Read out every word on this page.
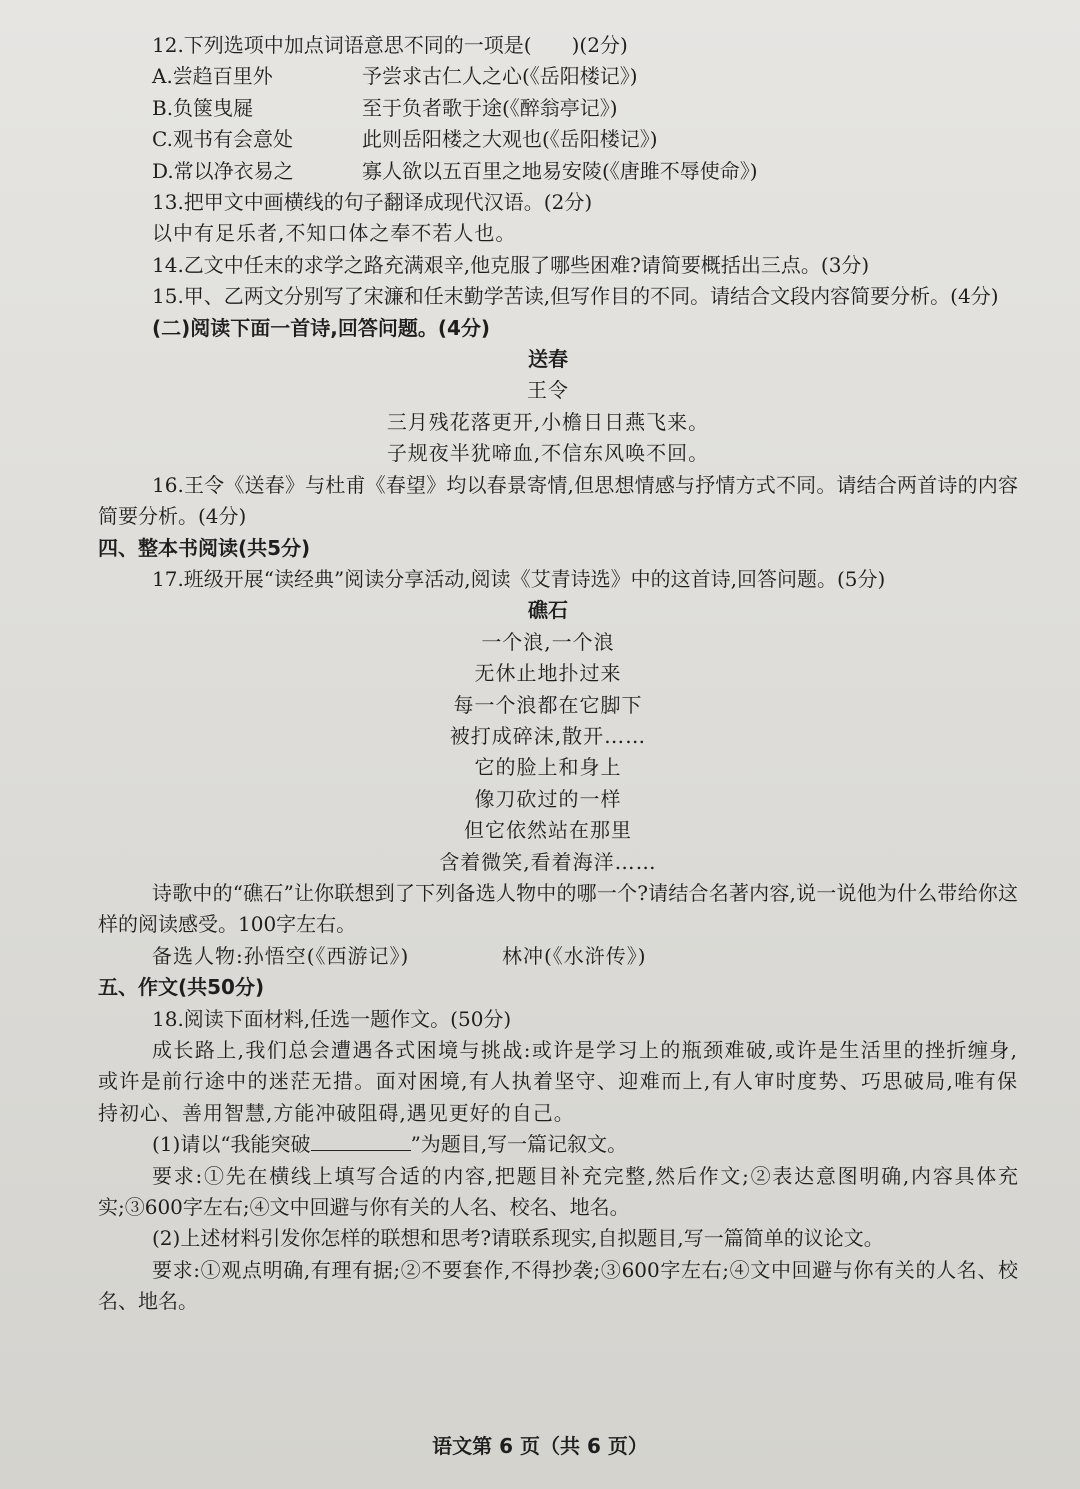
12.下列选项中加点词语意思不同的一项是(　　)(2分)

A.尝趋百里外	予尝求古仁人之心(《岳阳楼记》)
B.负箧曳屣	至于负者歌于途(《醉翁亭记》)
C.观书有会意处	此则岳阳楼之大观也(《岳阳楼记》)
D.常以净衣易之	寡人欲以五百里之地易安陵(《唐雎不辱使命》)

13.把甲文中画横线的句子翻译成现代汉语。(2分)

以中有足乐者,不知口体之奉不若人也。

14.乙文中任末的求学之路充满艰辛,他克服了哪些困难?请简要概括出三点。(3分)

15.甲、乙两文分别写了宋濂和任末勤学苦读,但写作目的不同。请结合文段内容简要分析。(4分)

(二)阅读下面一首诗,回答问题。(4分)

送春

王令

三月残花落更开,小檐日日燕飞来。

子规夜半犹啼血,不信东风唤不回。

16.王令《送春》与杜甫《春望》均以春景寄情,但思想情感与抒情方式不同。请结合两首诗的内容简要分析。(4分)

四、整本书阅读(共5分)

17.班级开展“读经典”阅读分享活动,阅读《艾青诗选》中的这首诗,回答问题。(5分)

礁石

一个浪,一个浪

无休止地扑过来

每一个浪都在它脚下

被打成碎沫,散开……

它的脸上和身上

像刀砍过的一样

但它依然站在那里

含着微笑,看着海洋……

诗歌中的“礁石”让你联想到了下列备选人物中的哪一个?请结合名著内容,说一说他为什么带给你这样的阅读感受。100字左右。

备选人物:孙悟空(《西游记》)	林冲(《水浒传》)

五、作文(共50分)

18.阅读下面材料,任选一题作文。(50分)

成长路上,我们总会遭遇各式困境与挑战:或许是学习上的瓶颈难破,或许是生活里的挫折缠身,或许是前行途中的迷茫无措。面对困境,有人执着坚守、迎难而上,有人审时度势、巧思破局,唯有保持初心、善用智慧,方能冲破阻碍,遇见更好的自己。

(1)请以“我能突破	”为题目,写一篇记叙文。

要求:①先在横线上填写合适的内容,把题目补充完整,然后作文;②表达意图明确,内容具体充实;③600字左右;④文中回避与你有关的人名、校名、地名。

(2)上述材料引发你怎样的联想和思考?请联系现实,自拟题目,写一篇简单的议论文。

要求:①观点明确,有理有据;②不要套作,不得抄袭;③600字左右;④文中回避与你有关的人名、校名、地名。

语文第 6 页（共 6 页）
